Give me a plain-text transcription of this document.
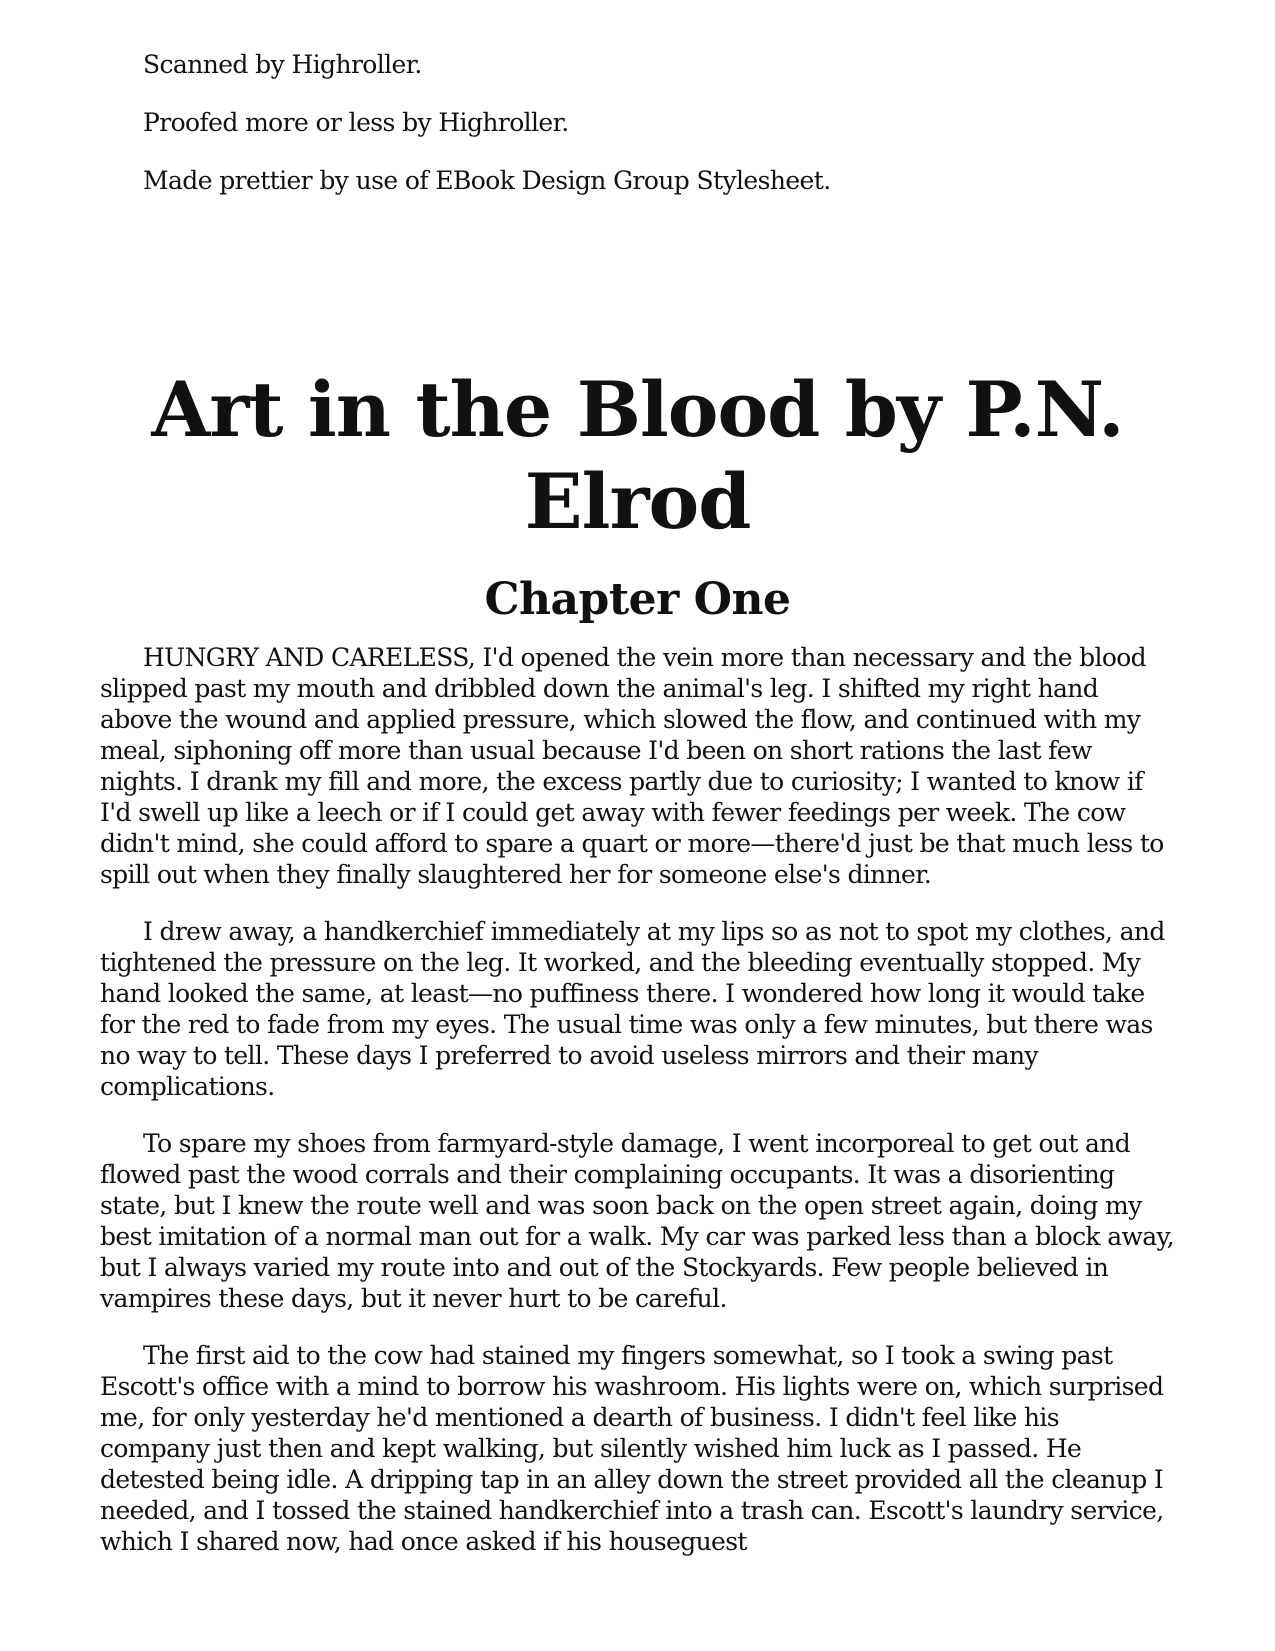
Scanned by Highroller.

Proofed more or less by Highroller.

Made prettier by use of EBook Design Group Stylesheet.

Art in the Blood by P.N. Elrod
Chapter One

HUNGRY AND CARELESS, I'd opened the vein more than necessary and the blood slipped past my mouth and dribbled down the animal's leg. I shifted my right hand above the wound and applied pressure, which slowed the flow, and continued with my meal, siphoning off more than usual because I'd been on short rations the last few nights. I drank my fill and more, the excess partly due to curiosity; I wanted to know if I'd swell up like a leech or if I could get away with fewer feedings per week. The cow didn't mind, she could afford to spare a quart or more—there'd just be that much less to spill out when they finally slaughtered her for someone else's dinner.

I drew away, a handkerchief immediately at my lips so as not to spot my clothes, and tightened the pressure on the leg. It worked, and the bleeding eventually stopped. My hand looked the same, at least—no puffiness there. I wondered how long it would take for the red to fade from my eyes. The usual time was only a few minutes, but there was no way to tell. These days I preferred to avoid useless mirrors and their many complications.

To spare my shoes from farmyard-style damage, I went incorporeal to get out and flowed past the wood corrals and their complaining occupants. It was a disorienting state, but I knew the route well and was soon back on the open street again, doing my best imitation of a normal man out for a walk. My car was parked less than a block away, but I always varied my route into and out of the Stockyards. Few people believed in vampires these days, but it never hurt to be careful.

The first aid to the cow had stained my fingers somewhat, so I took a swing past Escott's office with a mind to borrow his washroom. His lights were on, which surprised me, for only yesterday he'd mentioned a dearth of business. I didn't feel like his company just then and kept walking, but silently wished him luck as I passed. He detested being idle. A dripping tap in an alley down the street provided all the cleanup I needed, and I tossed the stained handkerchief into a trash can. Escott's laundry service, which I shared now, had once asked if his houseguest
